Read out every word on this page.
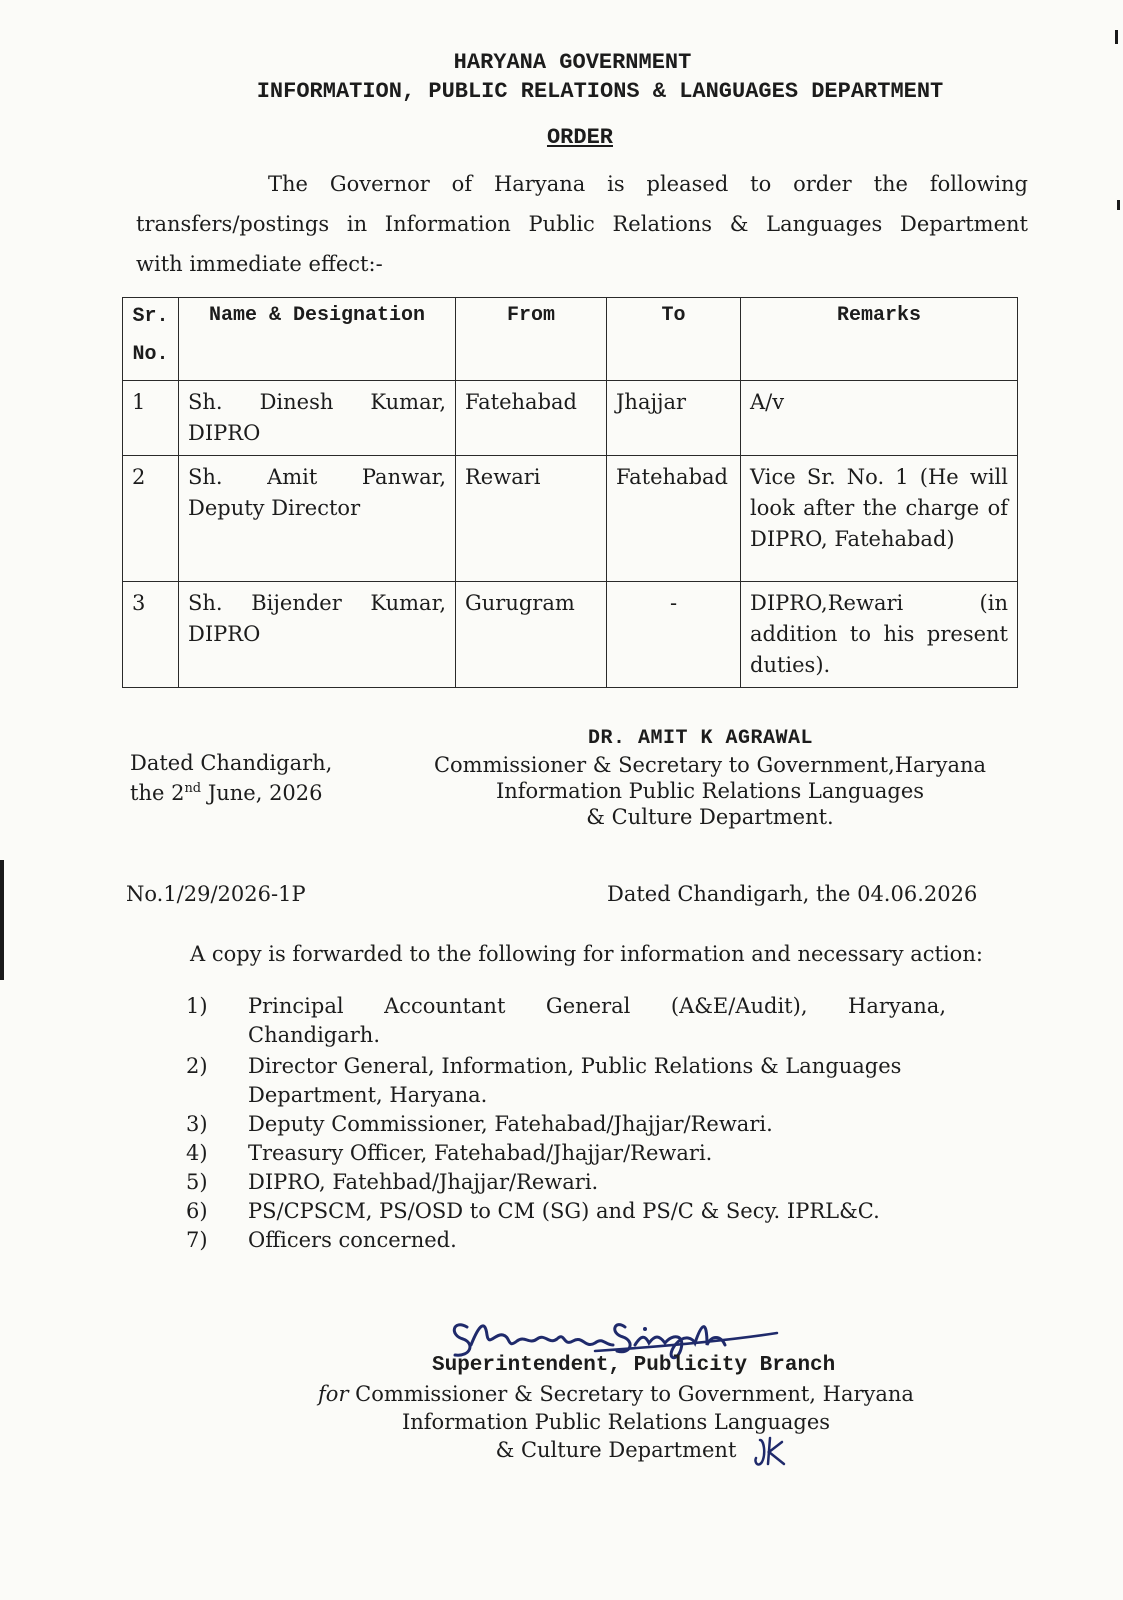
HARYANA GOVERNMENT
INFORMATION, PUBLIC RELATIONS & LANGUAGES DEPARTMENT
ORDER
The Governor of Haryana is pleased to order the following
transfers/postings in Information Public Relations & Languages Department
with immediate effect:-
Sr.
No.	Name & Designation	From	To	Remarks
1	Sh. Dinesh Kumar, DIPRO	Fatehabad	Jhajjar	A/v
2	Sh. Amit Panwar, Deputy Director	Rewari	Fatehabad	Vice Sr. No. 1 (He will look after the charge of DIPRO, Fatehabad)
3	Sh. Bijender Kumar, DIPRO	Gurugram	-	DIPRO,Rewari (in addition to his present duties).
DR. AMIT K AGRAWAL
Dated Chandigarh,
the 2nd June, 2026
Commissioner & Secretary to Government,Haryana
Information Public Relations Languages
& Culture Department.
No.1/29/2026-1P	Dated Chandigarh, the 04.06.2026
A copy is forwarded to the following for information and necessary action:
1)	Principal Accountant General (A&E/Audit), Haryana, Chandigarh.
2)	Director General, Information, Public Relations & Languages Department, Haryana.
3)	Deputy Commissioner, Fatehabad/Jhajjar/Rewari.
4)	Treasury Officer, Fatehabad/Jhajjar/Rewari.
5)	DIPRO, Fatehbad/Jhajjar/Rewari.
6)	PS/CPSCM, PS/OSD to CM (SG) and PS/C & Secy. IPRL&C.
7)	Officers concerned.
Superintendent, Publicity Branch
for Commissioner & Secretary to Government, Haryana
Information Public Relations Languages
& Culture Department
